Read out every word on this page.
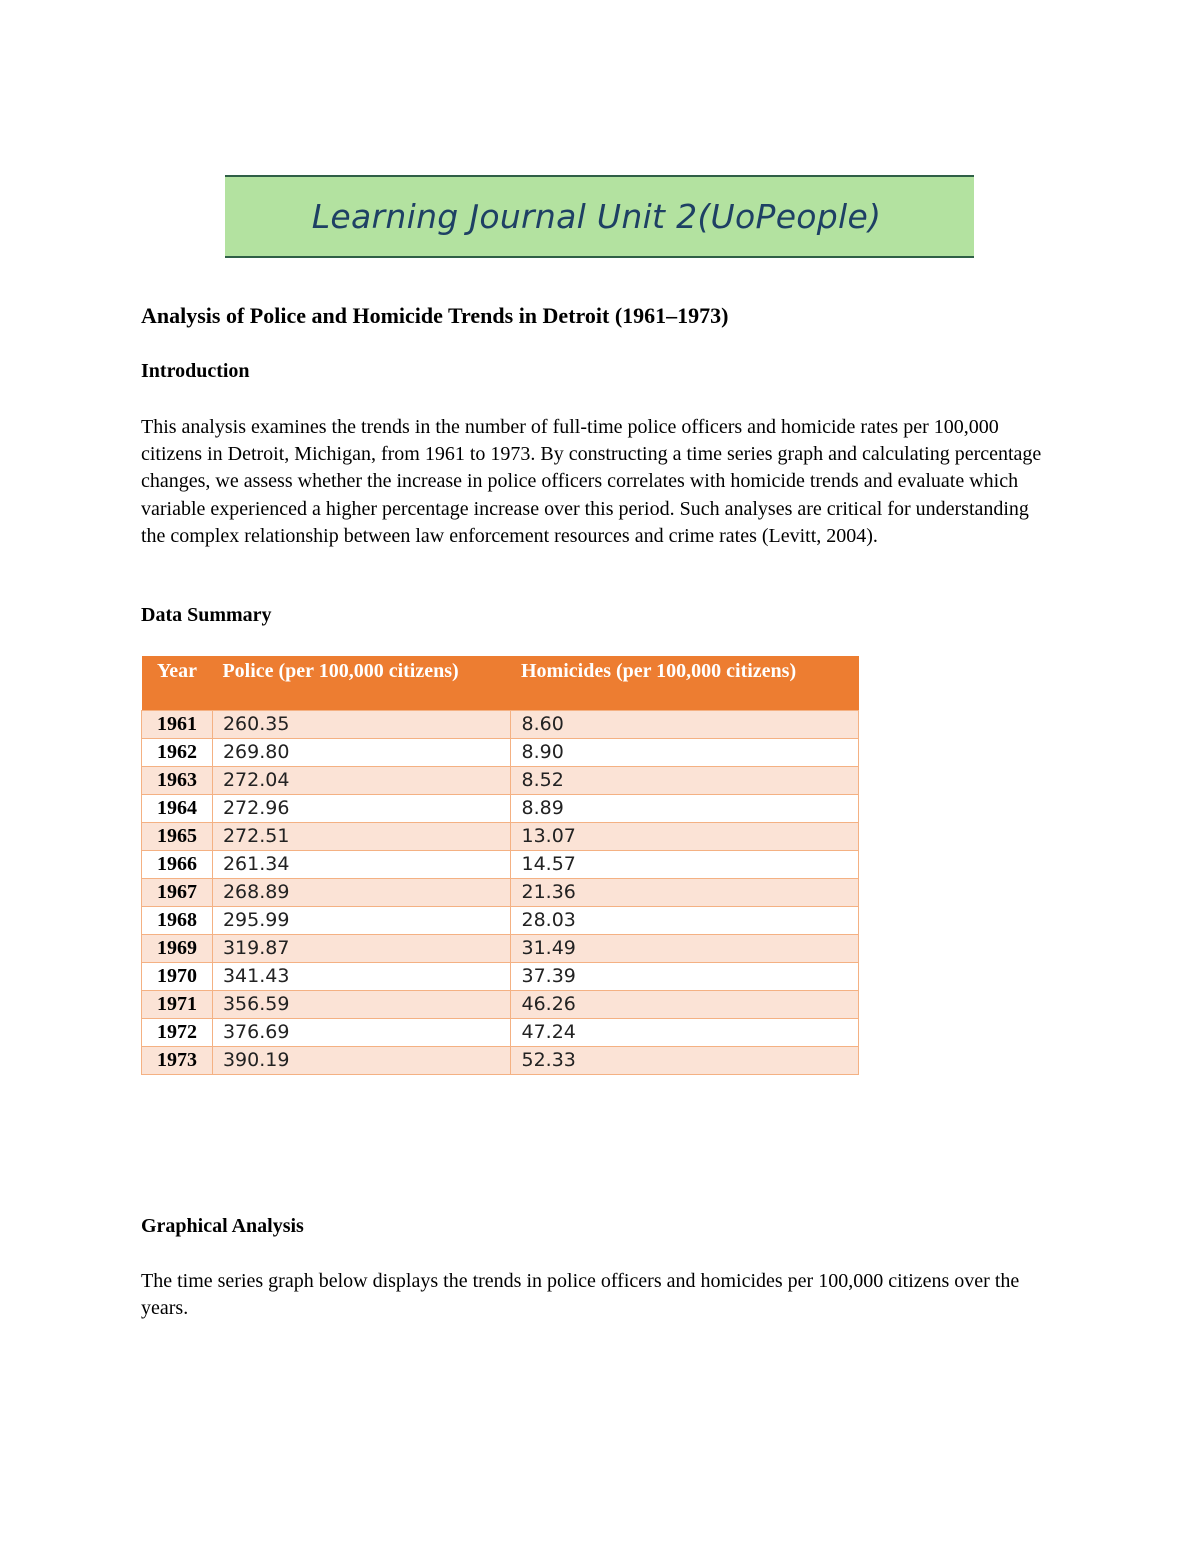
Learning Journal Unit 2(UoPeople)
Analysis of Police and Homicide Trends in Detroit (1961–1973)
Introduction

This analysis examines the trends in the number of full-time police officers and homicide rates per 100,000 citizens in Detroit, Michigan, from 1961 to 1973. By constructing a time series graph and calculating percentage changes, we assess whether the increase in police officers correlates with homicide trends and evaluate which variable experienced a higher percentage increase over this period. Such analyses are critical for understanding the complex relationship between law enforcement resources and crime rates (Levitt, 2004).

Data Summary
Year	Police (per 100,000 citizens)	Homicides (per 100,000 citizens)
1961	260.35	8.60
1962	269.80	8.90
1963	272.04	8.52
1964	272.96	8.89
1965	272.51	13.07
1966	261.34	14.57
1967	268.89	21.36
1968	295.99	28.03
1969	319.87	31.49
1970	341.43	37.39
1971	356.59	46.26
1972	376.69	47.24
1973	390.19	52.33
Graphical Analysis

The time series graph below displays the trends in police officers and homicides per 100,000 citizens over the years.
